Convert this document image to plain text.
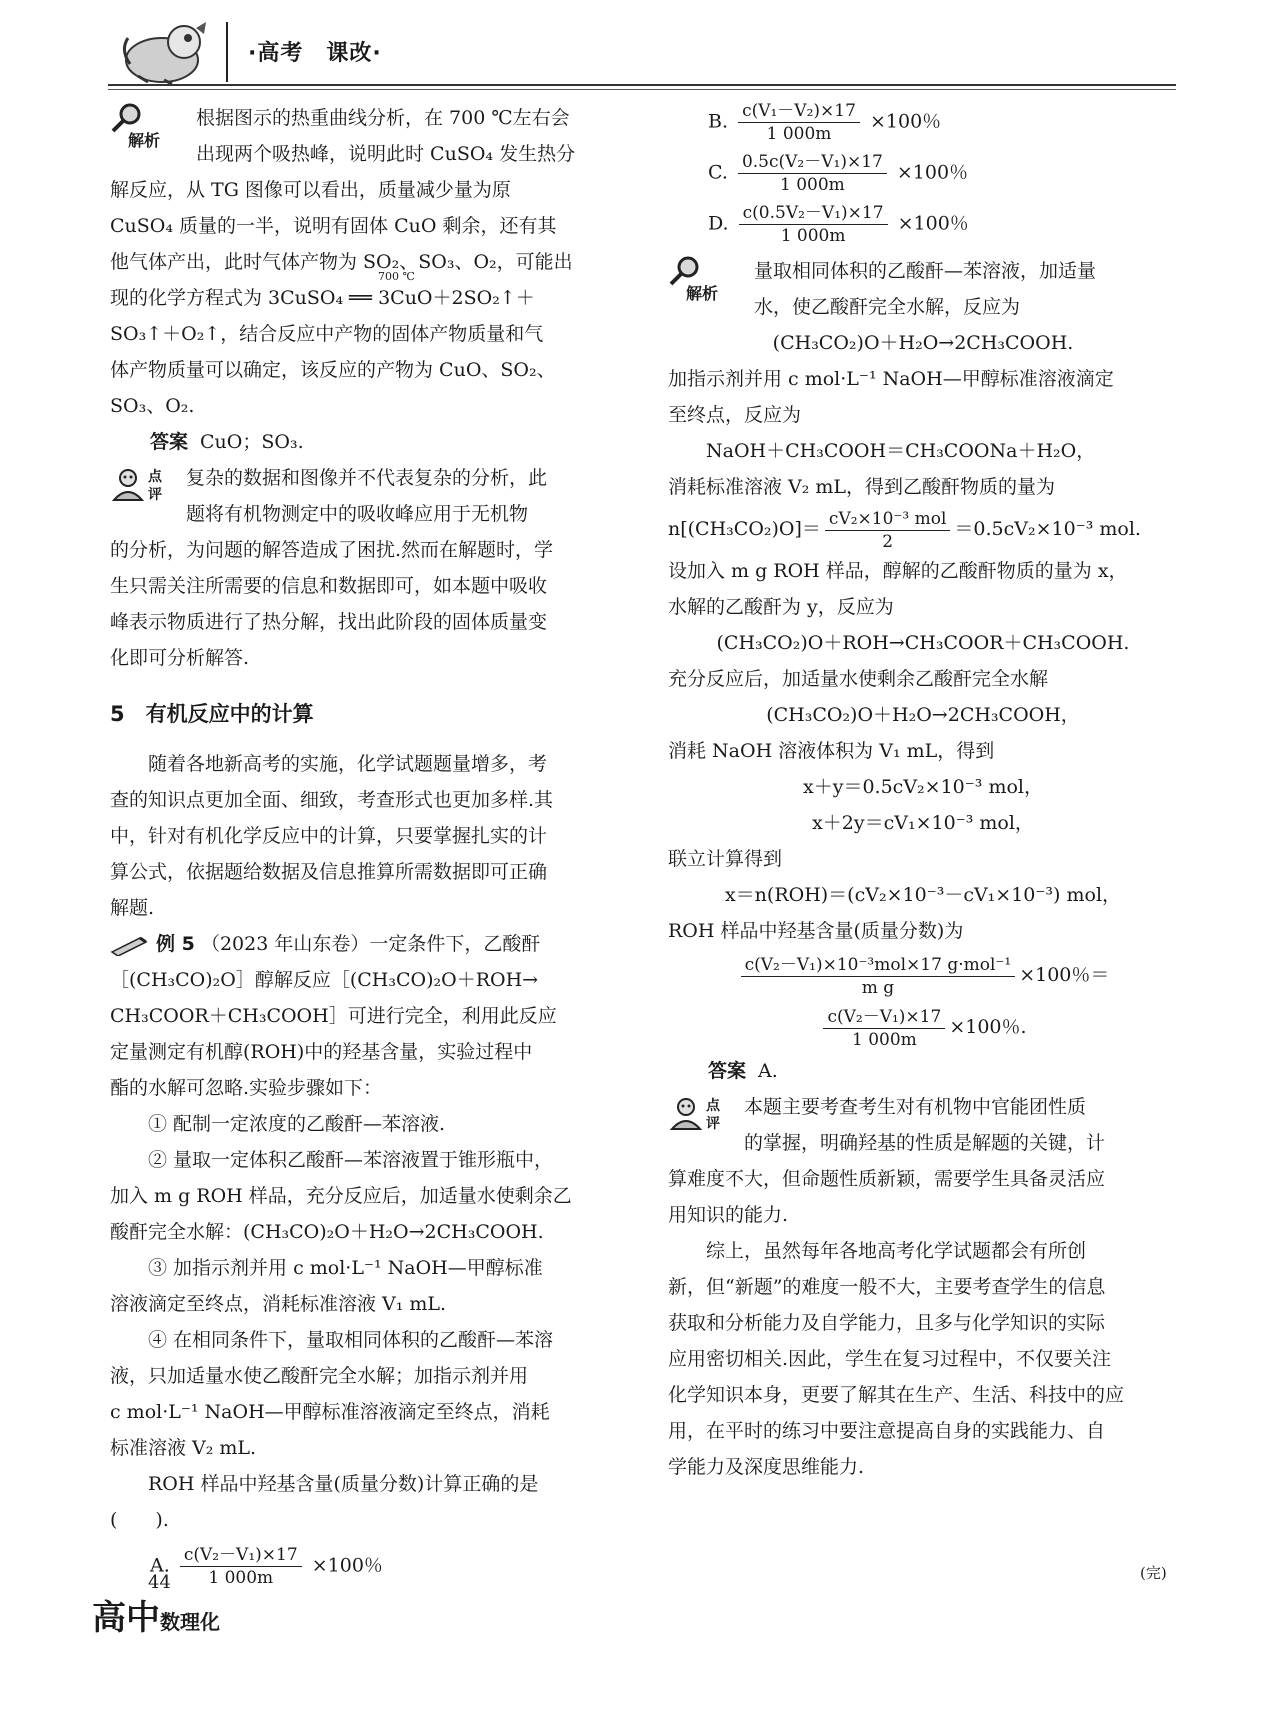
·高考　课改·
解析

根据图示的热重曲线分析，在 700 ℃左右会

出现两个吸热峰，说明此时 CuSO₄ 发生热分

解反应，从 TG 图像可以看出，质量减少量为原

CuSO₄ 质量的一半，说明有固体 CuO 剩余，还有其

他气体产出，此时气体产物为 SO₂、SO₃、O₂，可能出

现的化学方程式为 3CuSO₄ ══ 3CuO＋2SO₂↑＋

SO₃↑＋O₂↑，结合反应中产物的固体产物质量和气

体产物质量可以确定，该反应的产物为 CuO、SO₂、

SO₃、O₂.

700 ℃

答案 CuO；SO₃.

点评

复杂的数据和图像并不代表复杂的分析，此

题将有机物测定中的吸收峰应用于无机物

的分析，为问题的解答造成了困扰.然而在解题时，学

生只需关注所需要的信息和数据即可，如本题中吸收

峰表示物质进行了热分解，找出此阶段的固体质量变

化即可分析解答.

5　有机反应中的计算

随着各地新高考的实施，化学试题题量增多，考

查的知识点更加全面、细致，考查形式也更加多样.其

中，针对有机化学反应中的计算，只要掌握扎实的计

算公式，依据题给数据及信息推算所需数据即可正确

解题.

例 5 （2023 年山东卷）一定条件下，乙酸酐

［(CH₃CO)₂O］醇解反应［(CH₃CO)₂O＋ROH→

CH₃COOR＋CH₃COOH］可进行完全，利用此反应

定量测定有机醇(ROH)中的羟基含量，实验过程中

酯的水解可忽略.实验步骤如下：

① 配制一定浓度的乙酸酐—苯溶液.

② 量取一定体积乙酸酐—苯溶液置于锥形瓶中，

加入 m g ROH 样品，充分反应后，加适量水使剩余乙

酸酐完全水解：(CH₃CO)₂O＋H₂O→2CH₃COOH.

③ 加指示剂并用 c mol·L⁻¹ NaOH—甲醇标准

溶液滴定至终点，消耗标准溶液 V₁ mL.

④ 在相同条件下，量取相同体积的乙酸酐—苯溶

液，只加适量水使乙酸酐完全水解；加指示剂并用

c mol·L⁻¹ NaOH—甲醇标准溶液滴定至终点，消耗

标准溶液 V₂ mL.

ROH 样品中羟基含量(质量分数)计算正确的是

(　　).

A. $\frac{\text{c(V₂－V₁)×17}}{1 000m} \times 100$％
B. $\frac{\text{c(V₁－V₂)×17}}{1 000m} \times 100$％
C. $\frac{\text{0.5c(V₂－V₁)×17}}{1 000m} \times 100$％
D. $\frac{\text{c(0.5V₂－V₁)×17}}{1 000m} \times 100$％
解析

量取相同体积的乙酸酐—苯溶液，加适量

水，使乙酸酐完全水解，反应为

(CH₃CO₂)O＋H₂O→2CH₃COOH.

加指示剂并用 c mol·L⁻¹ NaOH—甲醇标准溶液滴定

至终点，反应为

NaOH＋CH₃COOH＝CH₃COONa＋H₂O，

消耗标准溶液 V₂ mL，得到乙酸酐物质的量为

$n[(CH_3CO_2)O]= \frac{\text{cV₂×10⁻³ mol}}{2} =0.5cV_2\times 10^{-3}$ mol.

设加入 m g ROH 样品，醇解的乙酸酐物质的量为 x，

水解的乙酸酐为 y，反应为

(CH₃CO₂)O＋ROH→CH₃COOR＋CH₃COOH.

充分反应后，加适量水使剩余乙酸酐完全水解

(CH₃CO₂)O＋H₂O→2CH₃COOH，

消耗 NaOH 溶液体积为 V₁ mL，得到

x＋y＝0.5cV₂×10⁻³ mol，

x＋2y＝cV₁×10⁻³ mol，

联立计算得到

x＝n(ROH)＝(cV₂×10⁻³－cV₁×10⁻³) mol，

ROH 样品中羟基含量(质量分数)为

$\frac{\text{c(V₂－V₁)×10⁻³mol×17 g·mol⁻¹}}{\text{m g}} \times 100$％＝

$\frac{\text{c(V₂－V₁)×17}}{1 000m} \times 100$％.

答案 A.

点评

本题主要考查考生对有机物中官能团性质

的掌握，明确羟基的性质是解题的关键，计

算难度不大，但命题性质新颖，需要学生具备灵活应

用知识的能力.

综上，虽然每年各地高考化学试题都会有所创

新，但“新题”的难度一般不大，主要考查学生的信息

获取和分析能力及自学能力，且多与化学知识的实际

应用密切相关.因此，学生在复习过程中，不仅要关注

化学知识本身，更要了解其在生产、生活、科技中的应

用，在平时的练习中要注意提高自身的实践能力、自

学能力及深度思维能力.

(完)
44
高中数理化
